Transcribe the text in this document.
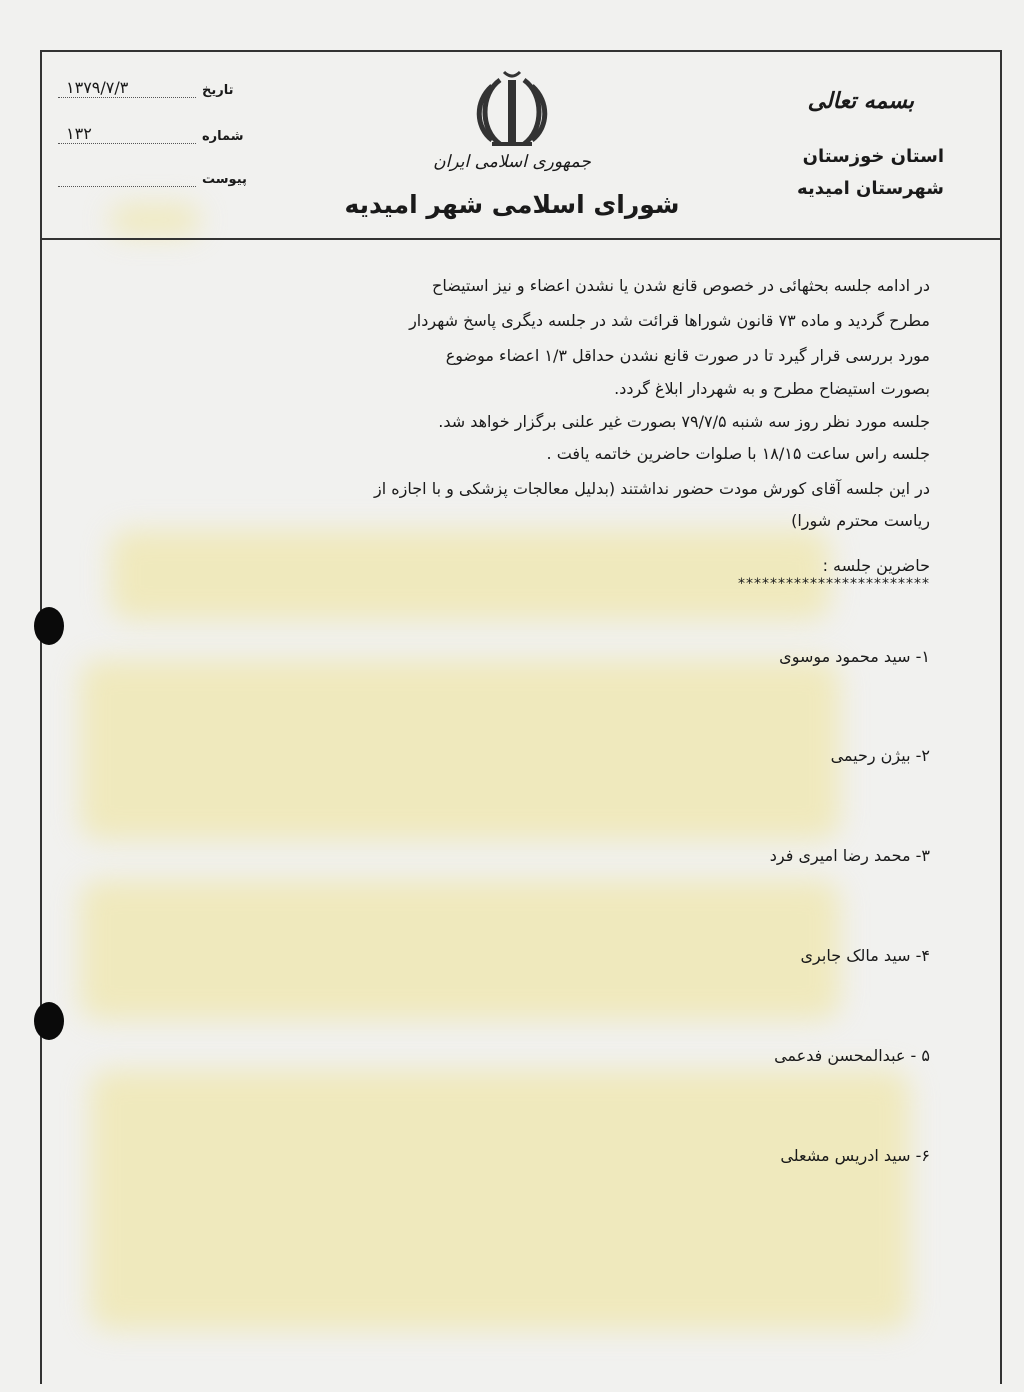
بسمه تعالی
استان خوزستان
شهرستان امیدیه
جمهوری اسلامی ایران
شورای اسلامی شهر امیدیه
تاریخ
۱۳۷۹/۷/۳
شماره
۱۳۲
پیوست
در ادامه جلسه بحثهائی در خصوص قانع شدن یا نشدن اعضاء و نیز استیضاح
مطرح گردید و ماده ۷۳ قانون شوراها قرائت شد در جلسه دیگری پاسخ شهردار
مورد بررسی قرار گیرد تا در صورت قانع نشدن حداقل ۱/۳ اعضاء موضوع
بصورت استیضاح مطرح و به شهردار ابلاغ گردد.
جلسه مورد نظر روز سه شنبه ۷۹/۷/۵ بصورت غیر علنی برگزار خواهد شد.
جلسه راس ساعت ۱۸/۱۵ با صلوات حاضرین خاتمه یافت .
در این جلسه آقای کورش مودت حضور نداشتند (بدلیل معالجات پزشکی و با اجازه از
ریاست محترم شورا)
حاضرین جلسه :
************************
۱- سید محمود موسوی
۲- بیژن رحیمی
۳- محمد رضا امیری فرد
۴- سید مالک جابری
۵ - عبدالمحسن فدعمی
۶- سید ادریس مشعلی
